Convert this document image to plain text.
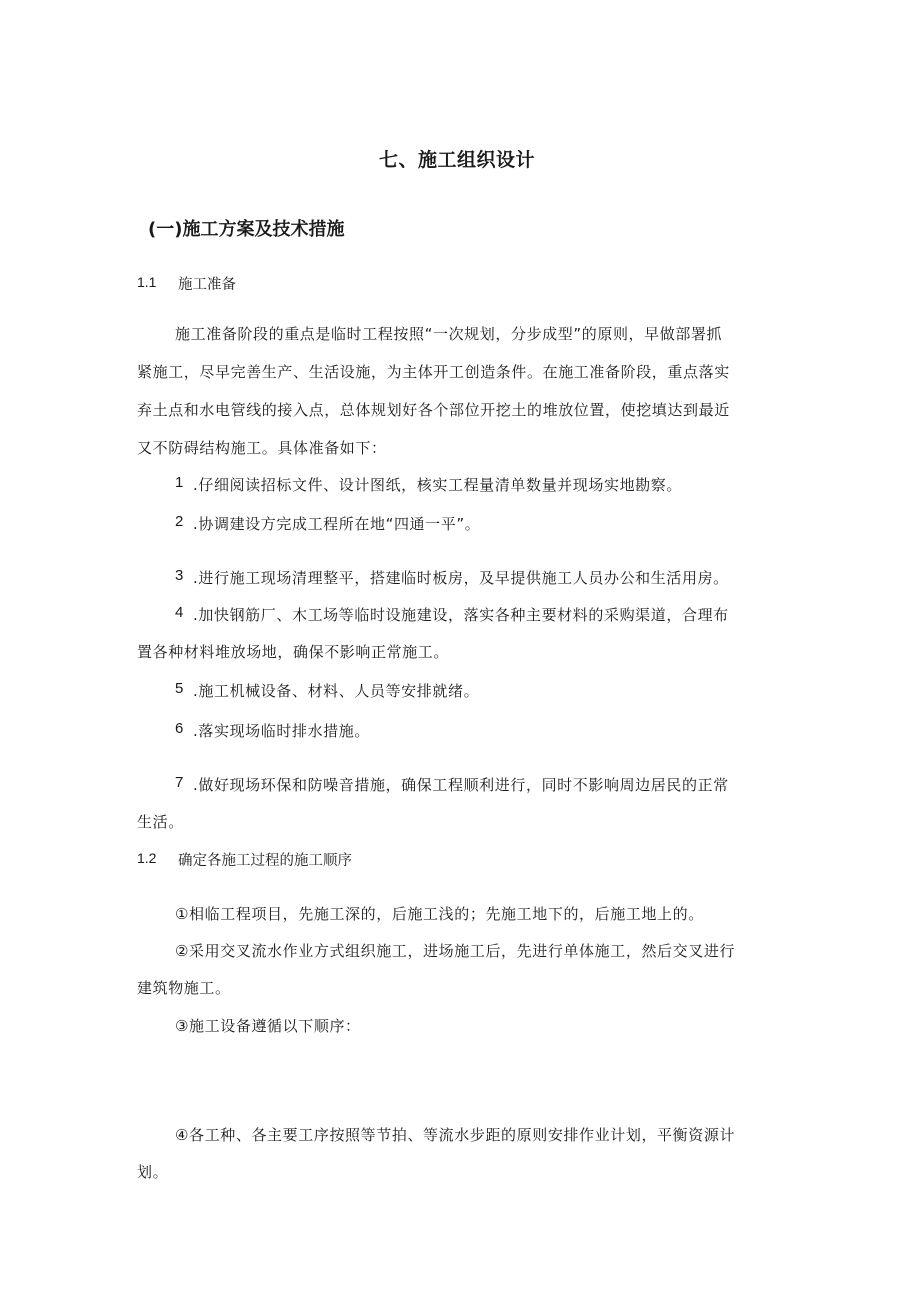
七、施工组织设计
(一)施工方案及技术措施
1.1 施工准备
施工准备阶段的重点是临时工程按照“一次规划，分步成型”的原则，早做部署抓
紧施工，尽早完善生产、生活设施，为主体开工创造条件。在施工准备阶段，重点落实
弃土点和水电管线的接入点，总体规划好各个部位开挖土的堆放位置，使挖填达到最近
又不防碍结构施工。具体准备如下：
1 .仔细阅读招标文件、设计图纸，核实工程量清单数量并现场实地勘察。
2 .协调建设方完成工程所在地“四通一平”。
3 .进行施工现场清理整平，搭建临时板房，及早提供施工人员办公和生活用房。
4 .加快钢筋厂、木工场等临时设施建设，落实各种主要材料的采购渠道，合理布
置各种材料堆放场地，确保不影响正常施工。
5 .施工机械设备、材料、人员等安排就绪。
6 .落实现场临时排水措施。
7 .做好现场环保和防噪音措施，确保工程顺利进行，同时不影响周边居民的正常
生活。
1.2 确定各施工过程的施工顺序
①相临工程项目，先施工深的，后施工浅的；先施工地下的，后施工地上的。
②采用交叉流水作业方式组织施工，进场施工后，先进行单体施工，然后交叉进行
建筑物施工。
③施工设备遵循以下顺序：
④各工种、各主要工序按照等节拍、等流水步距的原则安排作业计划，平衡资源计
划。
